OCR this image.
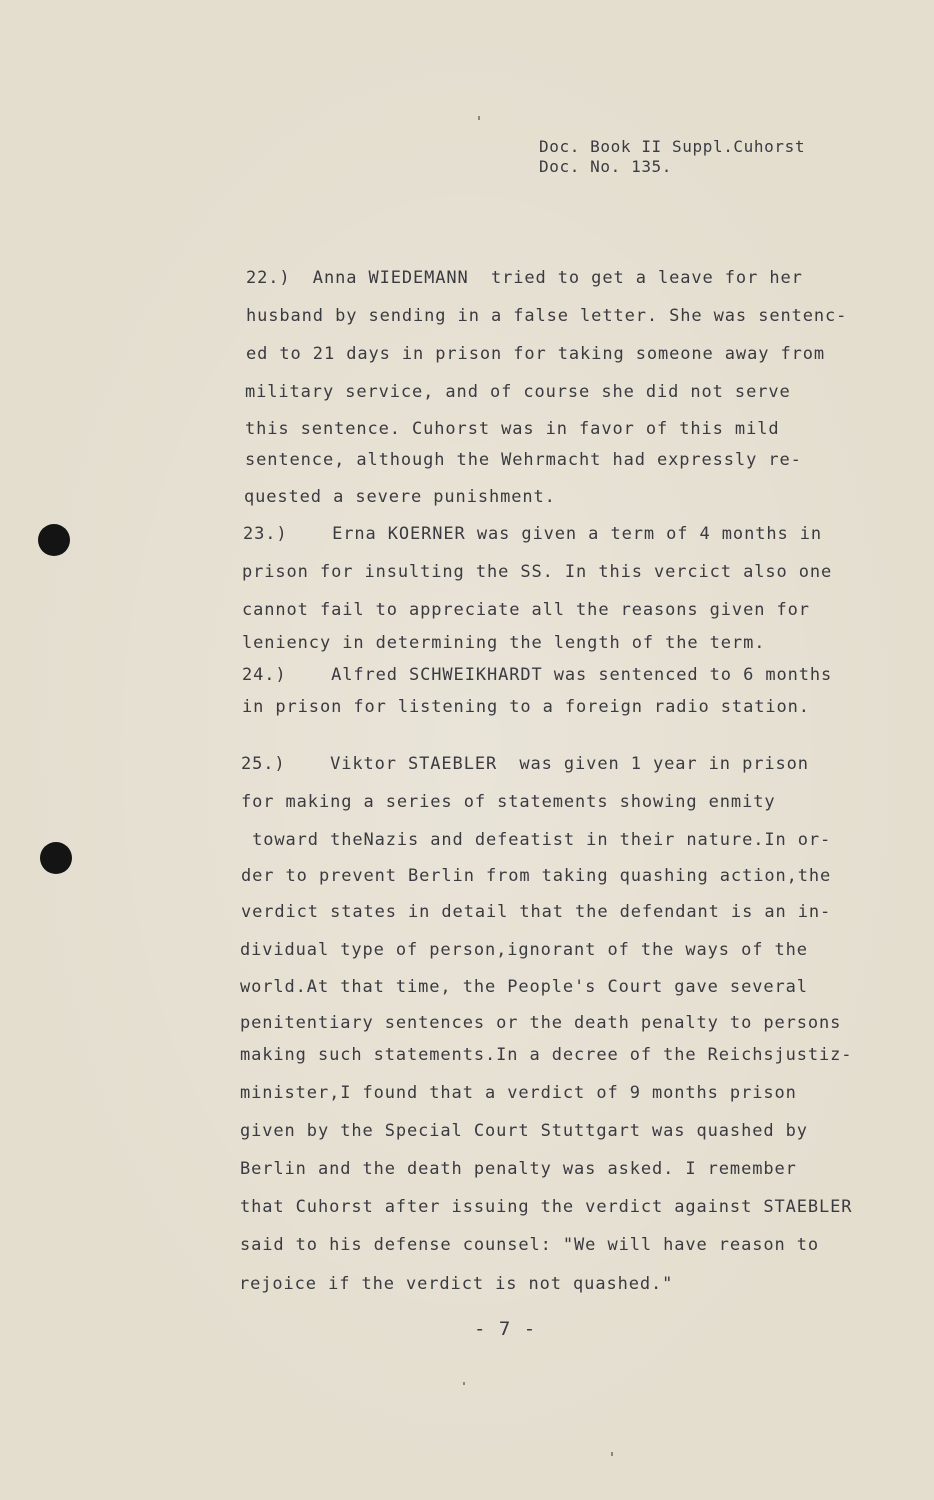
Doc. Book II Suppl.Cuhorst
Doc. No. 135.
22.)  Anna WIEDEMANN  tried to get a leave for her
husband by sending in a false letter. She was sentenc-
ed to 21 days in prison for taking someone away from
military service, and of course she did not serve
this sentence. Cuhorst was in favor of this mild
sentence, although the Wehrmacht had expressly re-
quested a severe punishment.
23.)    Erna KOERNER was given a term of 4 months in
prison for insulting the SS. In this vercict also one
cannot fail to appreciate all the reasons given for
leniency in determining the length of the term.
24.)    Alfred SCHWEIKHARDT was sentenced to 6 months
in prison for listening to a foreign radio station.
25.)    Viktor STAEBLER  was given 1 year in prison
for making a series of statements showing enmity
toward theNazis and defeatist in their nature.In or-
der to prevent Berlin from taking quashing action,the
verdict states in detail that the defendant is an in-
dividual type of person,ignorant of the ways of the
world.At that time, the People's Court gave several
penitentiary sentences or the death penalty to persons
making such statements.In a decree of the Reichsjustiz-
minister,I found that a verdict of 9 months prison
given by the Special Court Stuttgart was quashed by
Berlin and the death penalty was asked. I remember
that Cuhorst after issuing the verdict against STAEBLER
said to his defense counsel: "We will have reason to
rejoice if the verdict is not quashed."
- 7 -
